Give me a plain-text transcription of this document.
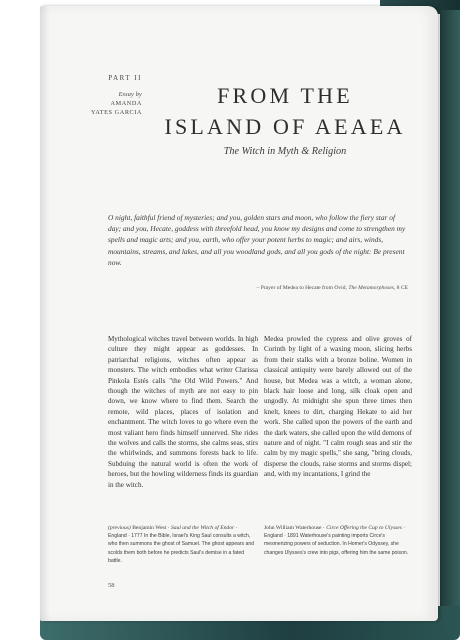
PART II
Essay by
AMANDA
YATES GARCIA
FROM THE
ISLAND OF AEAEA
The Witch in Myth & Religion

O night, faithful friend of mysteries; and you, golden stars and moon, who follow the fiery star of day; and you, Hecate, goddess with threefold head, you know my designs and come to strengthen my spells and magic arts; and you, earth, who offer your potent herbs to magic; and airs, winds, mountains, streams, and lakes, and all you woodland gods, and all you gods of the night: Be present now.

– Prayer of Medea to Hecate from Ovid, The Metamorphoses, 8 CE

Mythological witches travel between worlds. In high culture they might appear as goddesses. In patriarchal religions, witches often appear as monsters. The witch embodies what writer Clarissa Pinkola Estés calls "the Old Wild Powers." And though the witches of myth are not easy to pin down, we know where to find them. Search the remote, wild places, places of isolation and enchantment. The witch loves to go where even the most valiant hero finds himself unnerved. She rides the wolves and calls the storms, she calms seas, stirs the whirlwinds, and summons forests back to life. Subduing the natural world is often the work of heroes, but the howling wilderness finds its guardian in the witch.

Medea prowled the cypress and olive groves of Corinth by light of a waxing moon, slicing herbs from their stalks with a bronze boline. Women in classical antiquity were barely allowed out of the house, but Medea was a witch, a woman alone, black hair loose and long, silk cloak open and ungodly. At midnight she spun three times then knelt, knees to dirt, charging Hekate to aid her work. She called upon the powers of the earth and the dark waters, she called upon the wild demons of nature and of night. "I calm rough seas and stir the calm by my magic spells," she sang, "bring clouds, disperse the clouds, raise storms and storms dispel; and, with my incantations, I grind the

(previous) Benjamin West · Saul and the Witch of Endor · England · 1777 In the Bible, Israel's King Saul consults a witch, who then summons the ghost of Samuel. The ghost appears and scolds them both before he predicts Saul's demise in a fated battle.
John William Waterhouse · Circe Offering the Cup to Ulysses · England · 1891 Waterhouse's painting imports Circe's mesmerizing powers of seduction. In Homer's Odyssey, she changes Ulysses's crew into pigs, offering him the same poison.
58
